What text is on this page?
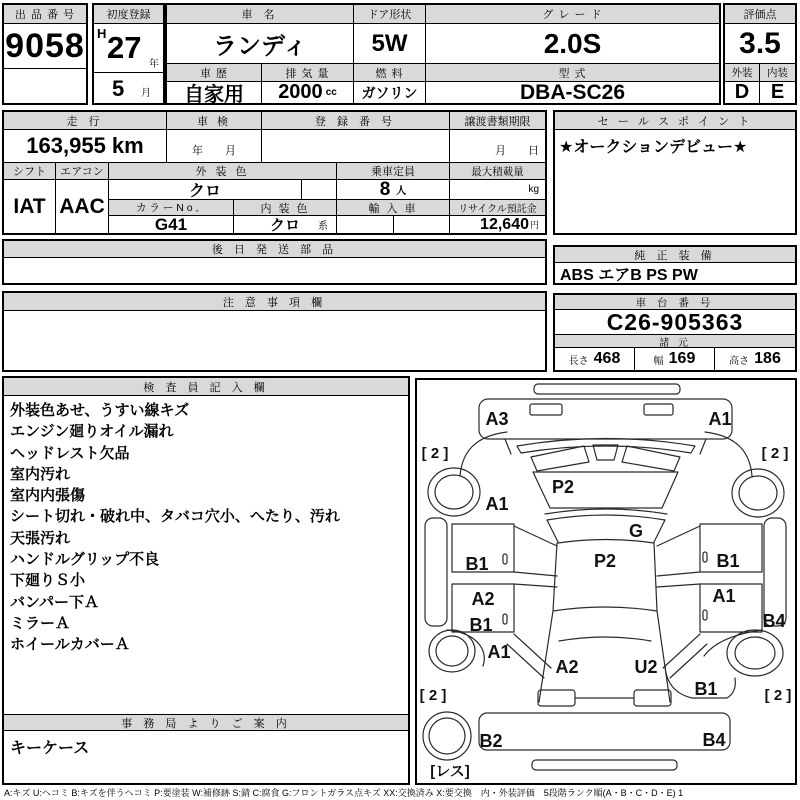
出 品 番 号
9058
初度登録
H 27 年
5 月
車 名	ドア形状	グ レ ー ド
ランディ	5W	2.0S
車 歴	排 気 量	燃 料	型 式
自家用	2000 cc	ガソリン	DBA-SC26
評価点
3.5
外装	内装
D	E
走 行	車 検	登 録 番 号	譲渡書類期限
163,955 km	年　　月	月　　日
シフト	エアコン
IAT AAC
外 装 色
クロ
カ ラ ー N o ．	内 装 色
G41	クロ 系
乗車定員
8 人
輸 入 車
最大積載量
kg
リサイクル預託金
12,640 円
セ ー ル ス ポ イ ン ト
★オークションデビュー★
後 日 発 送 部 品	純 正 装 備
ABS エアB PS PW
注 意 事 項 欄	車 台 番 号
C26-905363
諸 元
長さ 468	幅 169	高さ 186
検 査 員 記 入 欄
外装色あせ、うすい線キズ
エンジン廻りオイル漏れ
ヘッドレスト欠品
室内汚れ
室内内張傷
シート切れ・破れ中、タバコ穴小、へたり、汚れ
天張汚れ
ハンドルグリップ不良
下廻りＳ小
バンパー下Ａ
ミラーＡ
ホイールカバーＡ
事 務 局 よ り ご 案 内
キーケース
A3	A1
[ 2 ]	[ 2 ]
P2
A1
G
P2
B1	B1
A2	A1
B1	B4
A1
A2	U2
B1
[ 2 ]	[ 2 ]
B2	B4
[レス]
A:キズ U:ヘコミ B:キズを伴うヘコミ P:要塗装 W:補修跡 S:錆 C:腐食 G:フロントガラス点キズ XX:交換済み X:要交換　内・外装評価　5段階ランク順(A・B・C・D・E) 1
